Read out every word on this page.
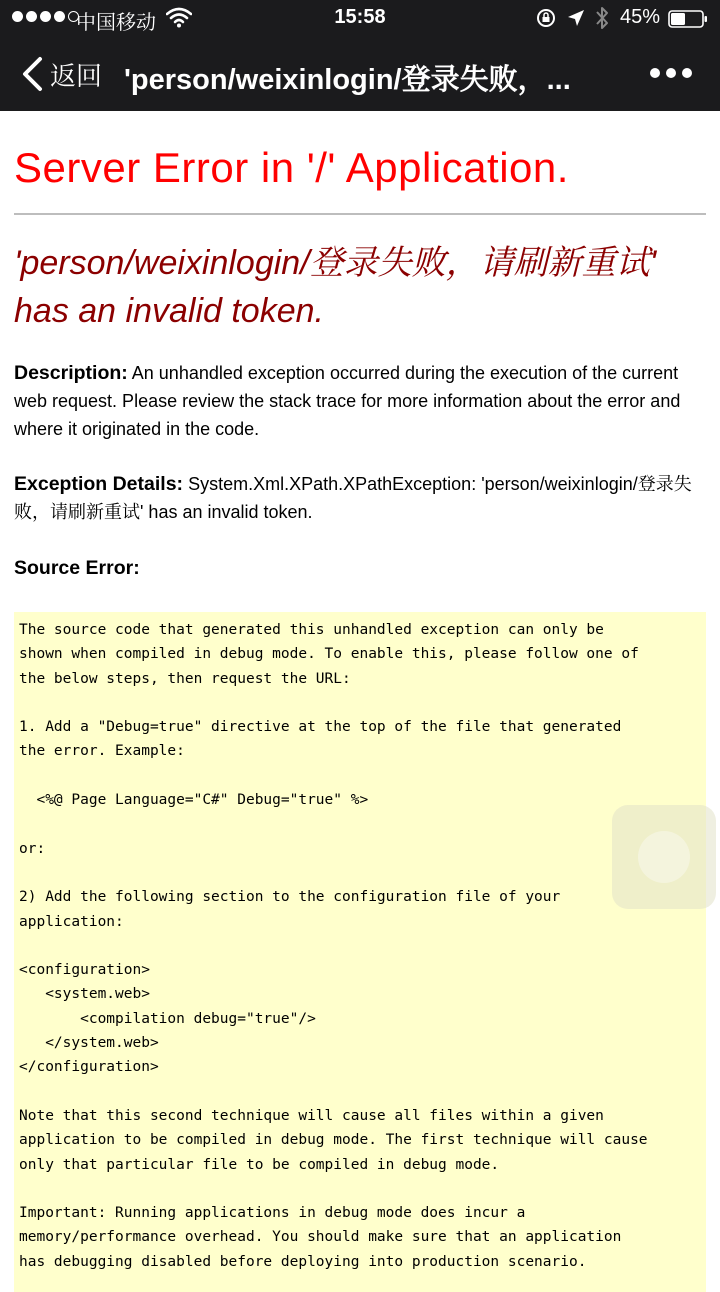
中国移动	15:58	45%
返回 'person/weixinlogin/登录失败，...
Server Error in '/' Application.
'person/weixinlogin/登录失败，请刷新重试' has an invalid token.

Description: An unhandled exception occurred during the execution of the current web request. Please review the stack trace for more information about the error and where it originated in the code.

Exception Details: System.Xml.XPath.XPathException: 'person/weixinlogin/登录失败，请刷新重试' has an invalid token.

Source Error:

The source code that generated this unhandled exception can only be
shown when compiled in debug mode. To enable this, please follow one of
the below steps, then request the URL:

1. Add a "Debug=true" directive at the top of the file that generated
the error. Example:

<%@ Page Language="C#" Debug="true" %>

or:

2) Add the following section to the configuration file of your
application:

<configuration>
<system.web>
<compilation debug="true"/>
</system.web>
</configuration>

Note that this second technique will cause all files within a given
application to be compiled in debug mode. The first technique will cause
only that particular file to be compiled in debug mode.

Important: Running applications in debug mode does incur a
memory/performance overhead. You should make sure that an application
has debugging disabled before deploying into production scenario.
